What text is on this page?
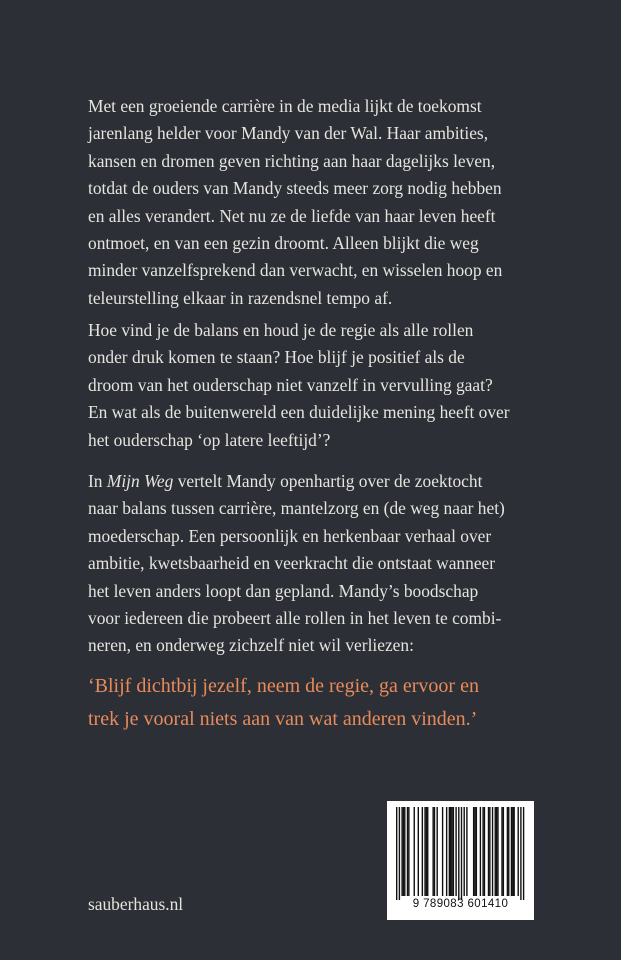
Met een groeiende carrière in de media lijkt de toekomst
jarenlang helder voor Mandy van der Wal. Haar ambities,
kansen en dromen geven richting aan haar dagelijks leven,
totdat de ouders van Mandy steeds meer zorg nodig hebben
en alles verandert. Net nu ze de liefde van haar leven heeft
ontmoet, en van een gezin droomt. Alleen blijkt die weg
minder vanzelfsprekend dan verwacht, en wisselen hoop en
teleurstelling elkaar in razendsnel tempo af.
Hoe vind je de balans en houd je de regie als alle rollen
onder druk komen te staan? Hoe blijf je positief als de
droom van het ouderschap niet vanzelf in vervulling gaat?
En wat als de buitenwereld een duidelijke mening heeft over
het ouderschap ‘op latere leeftijd’?
In Mijn Weg vertelt Mandy openhartig over de zoektocht
naar balans tussen carrière, mantelzorg en (de weg naar het)
moederschap. Een persoonlijk en herkenbaar verhaal over
ambitie, kwetsbaarheid en veerkracht die ontstaat wanneer
het leven anders loopt dan gepland. Mandy’s boodschap
voor iedereen die probeert alle rollen in het leven te combi-
neren, en onderweg zichzelf niet wil verliezen:
‘Blijf dichtbij jezelf, neem de regie, ga ervoor en
trek je vooral niets aan van wat anderen vinden.’
sauberhaus.nl	9 789083 601410
